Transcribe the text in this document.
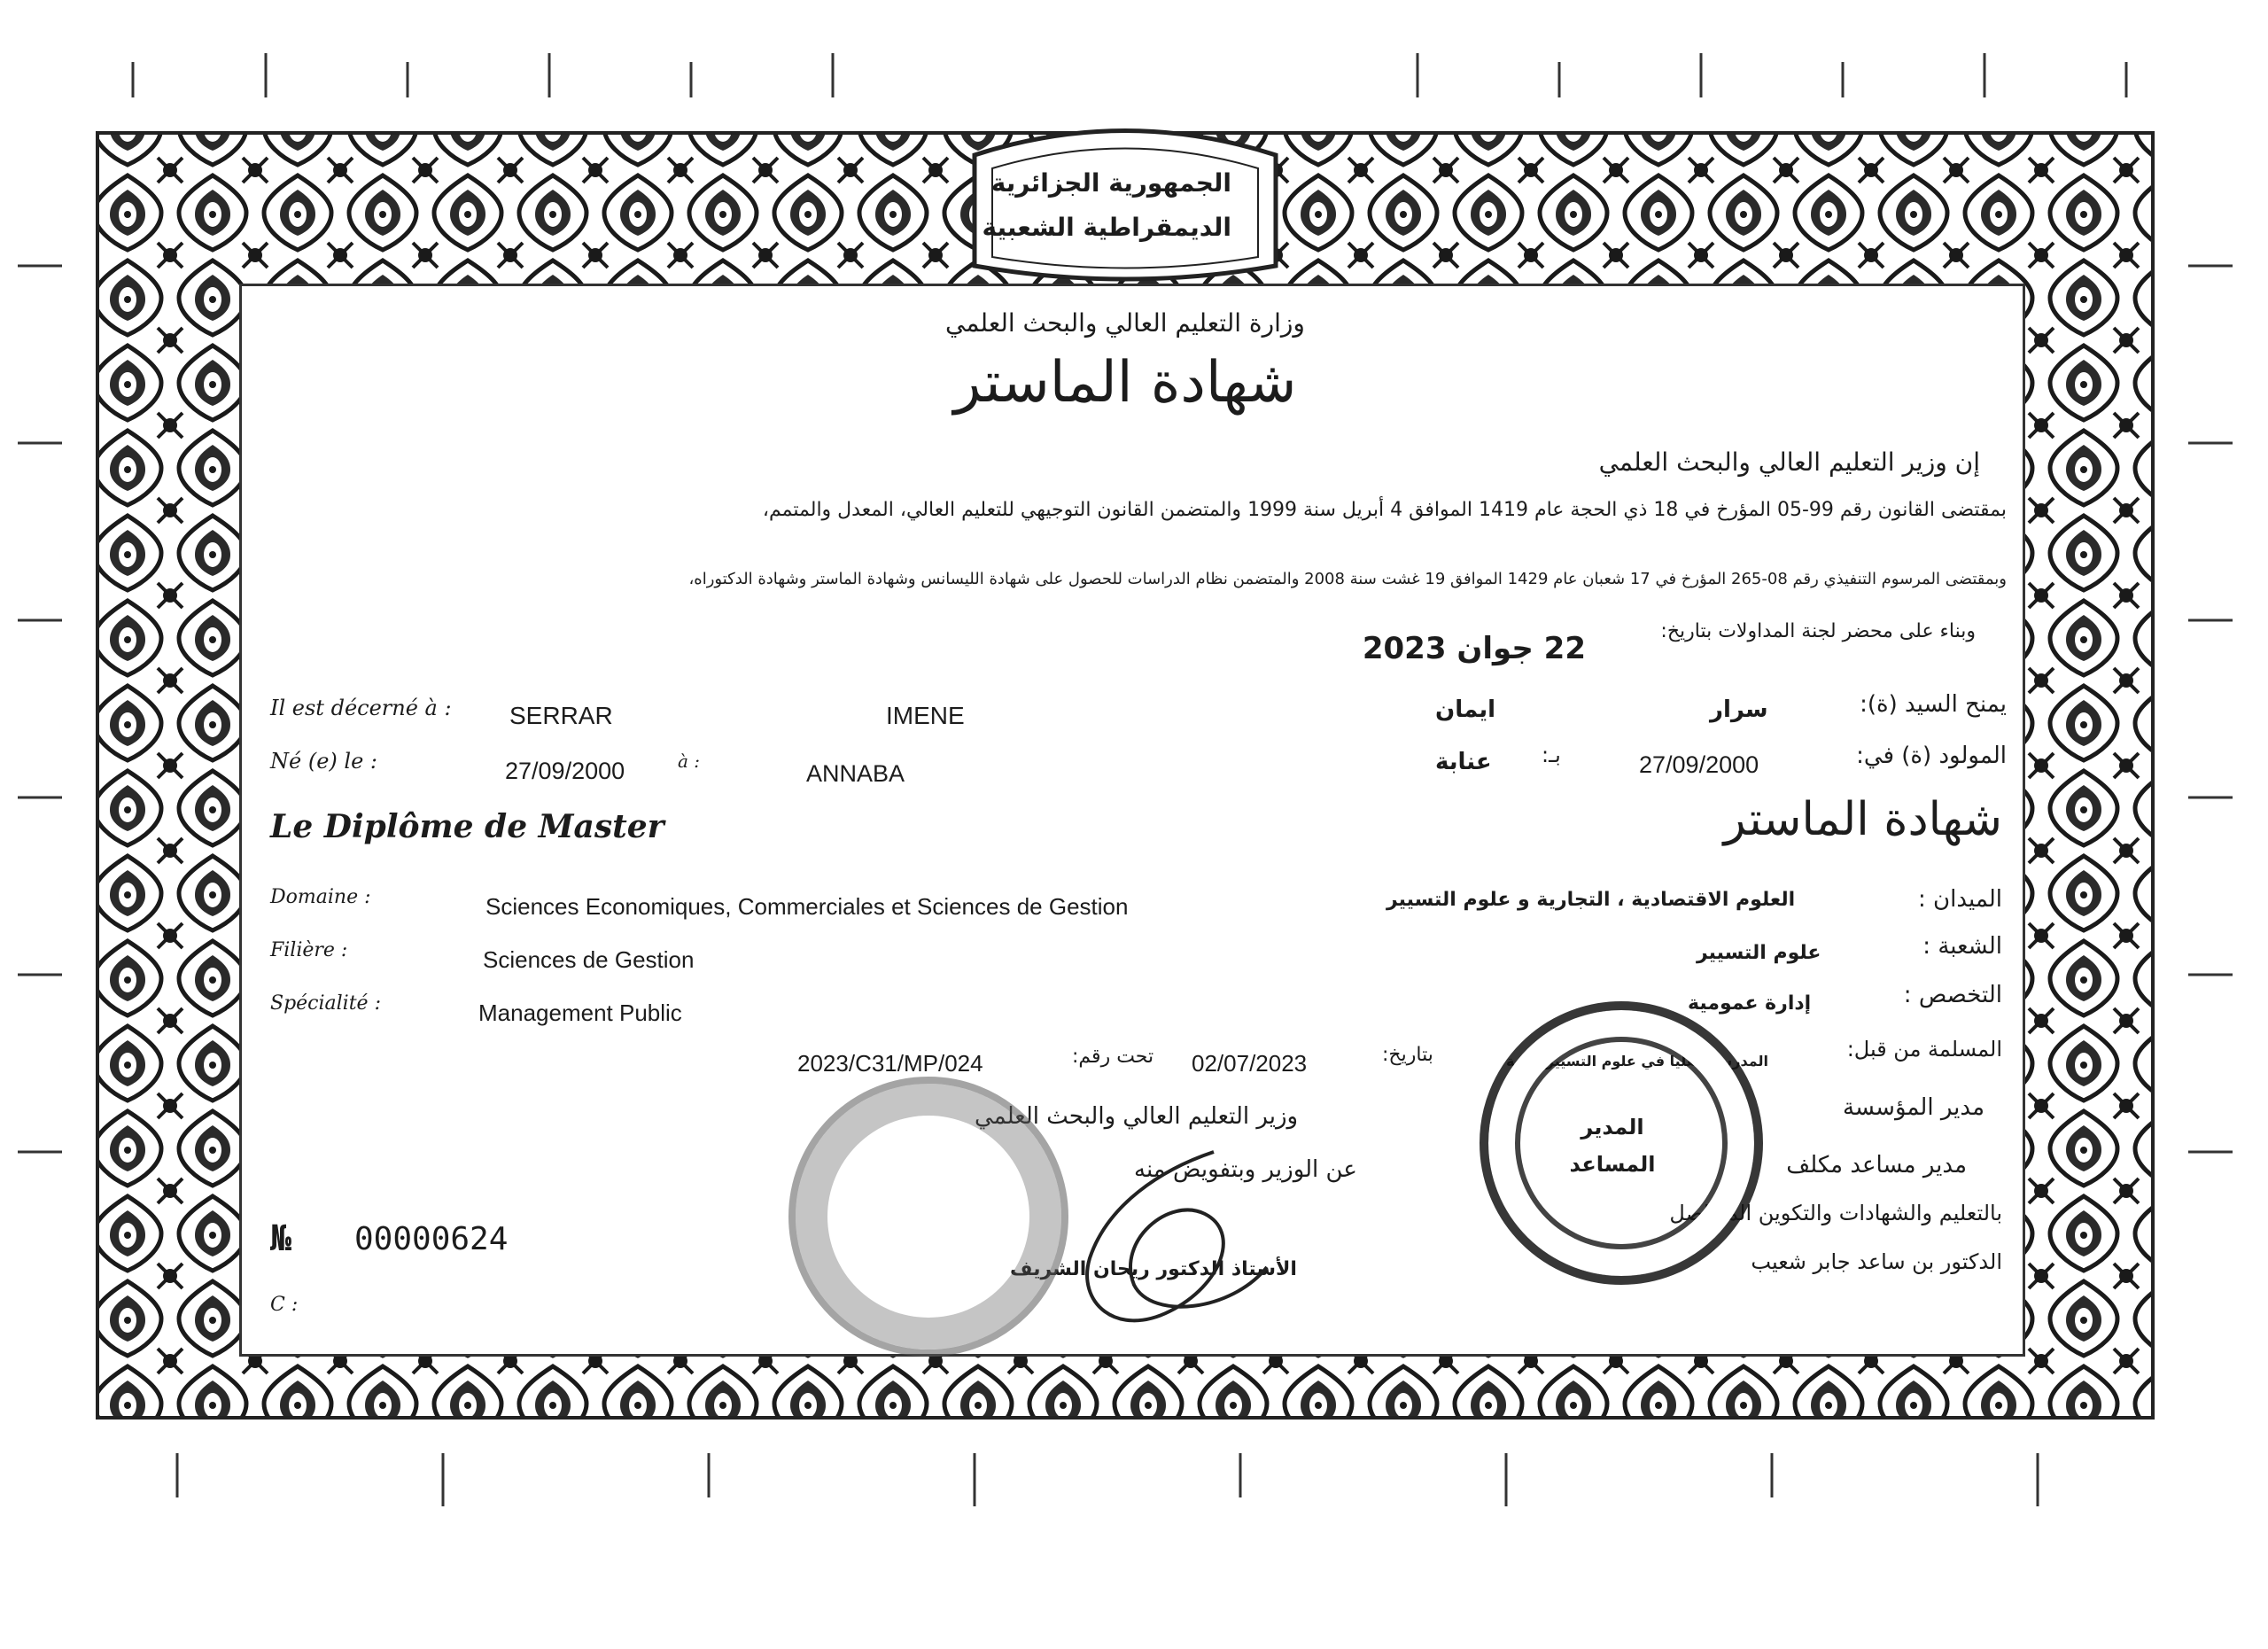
الجمهورية الجزائرية
الديمقراطية الشعبية
وزارة التعليم العالي والبحث العلمي
شهادة الماستر
إن وزير التعليم العالي والبحث العلمي
بمقتضى القانون رقم 99-05 المؤرخ في 18 ذي الحجة عام 1419 الموافق 4 أبريل سنة 1999 والمتضمن القانون التوجيهي للتعليم العالي، المعدل والمتمم،
وبمقتضى المرسوم التنفيذي رقم 08-265 المؤرخ في 17 شعبان عام 1429 الموافق 19 غشت سنة 2008 والمتضمن نظام الدراسات للحصول على شهادة الليسانس وشهادة الماستر وشهادة الدكتوراه،
وبناء على محضر لجنة المداولات بتاريخ:
22 جوان 2023
Il est décerné à : SERRAR	IMENE	ايمان	سرار	يمنح السيد (ة):
Né (e) le :	27/09/2000	à :	ANNABA	عنابة بـ:	27/09/2000	المولود (ة) في:
Le Diplôme de Master	شهادة الماستر
Domaine :	Sciences Economiques, Commerciales et Sciences de Gestion	العلوم الاقتصادية ، التجارية و علوم التسيير	الميدان :
Filière :	Sciences de Gestion	علوم التسيير	الشعبة :
Spécialité :	Management Public	إدارة عمومية	التخصص :
2023/C31/MP/024	تحت رقم: 02/07/2023	بتاريخ:	المدرسة العليا في علوم التسيير عنابة	المسلمة من قبل:
مدير المؤسسة
وزير التعليم العالي والبحث العلمي
عن الوزير وبتفويض منه	مدير مساعد مكلف
بالتعليم والشهادات والتكوين المتواصل
الأستاذ الدكتور ريحان الشريف	الدكتور بن ساعد جابر شعيب
المدير
المساعد
№ 00000624
C :
